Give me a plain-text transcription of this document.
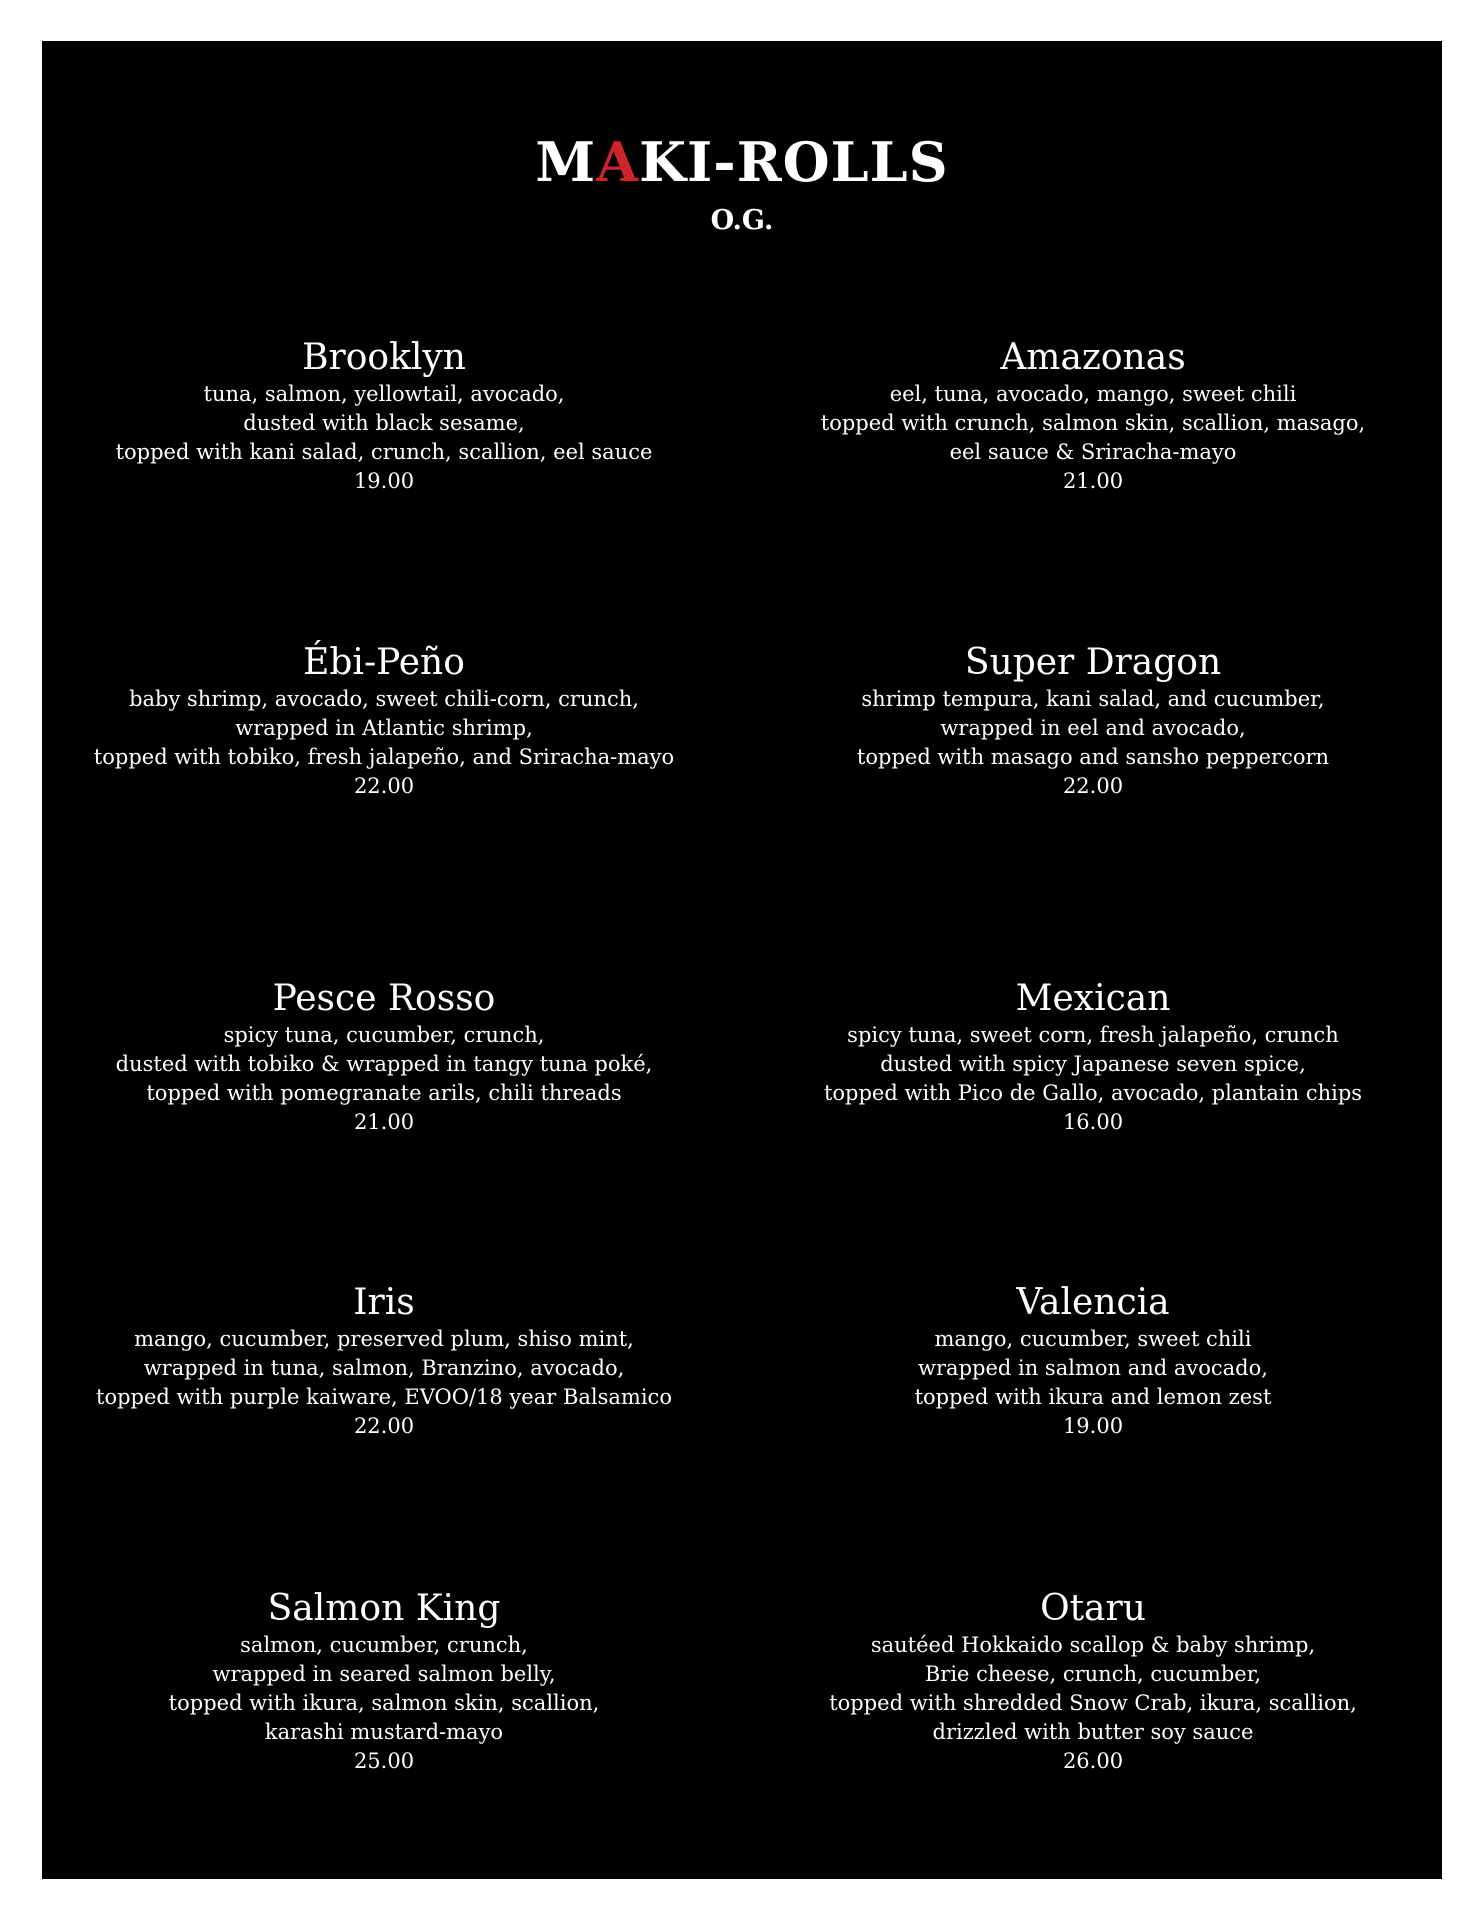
MAKI-ROLLS
O.G.
Brooklyn
tuna, salmon, yellowtail, avocado,
dusted with black sesame,
topped with kani salad, crunch, scallion, eel sauce
19.00
Amazonas
eel, tuna, avocado, mango, sweet chili
topped with crunch, salmon skin, scallion, masago,
eel sauce & Sriracha-mayo
21.00
Ébi-Peño
baby shrimp, avocado, sweet chili-corn, crunch,
wrapped in Atlantic shrimp,
topped with tobiko, fresh jalapeño, and Sriracha-mayo
22.00
Super Dragon
shrimp tempura, kani salad, and cucumber,
wrapped in eel and avocado,
topped with masago and sansho peppercorn
22.00
Pesce Rosso
spicy tuna, cucumber, crunch,
dusted with tobiko & wrapped in tangy tuna poké,
topped with pomegranate arils, chili threads
21.00
Mexican
spicy tuna, sweet corn, fresh jalapeño, crunch
dusted with spicy Japanese seven spice,
topped with Pico de Gallo, avocado, plantain chips
16.00
Iris
mango, cucumber, preserved plum, shiso mint,
wrapped in tuna, salmon, Branzino, avocado,
topped with purple kaiware, EVOO/18 year Balsamico
22.00
Valencia
mango, cucumber, sweet chili
wrapped in salmon and avocado,
topped with ikura and lemon zest
19.00
Salmon King
salmon, cucumber, crunch,
wrapped in seared salmon belly,
topped with ikura, salmon skin, scallion,
karashi mustard-mayo
25.00
Otaru
sautéed Hokkaido scallop & baby shrimp,
Brie cheese, crunch, cucumber,
topped with shredded Snow Crab, ikura, scallion,
drizzled with butter soy sauce
26.00
